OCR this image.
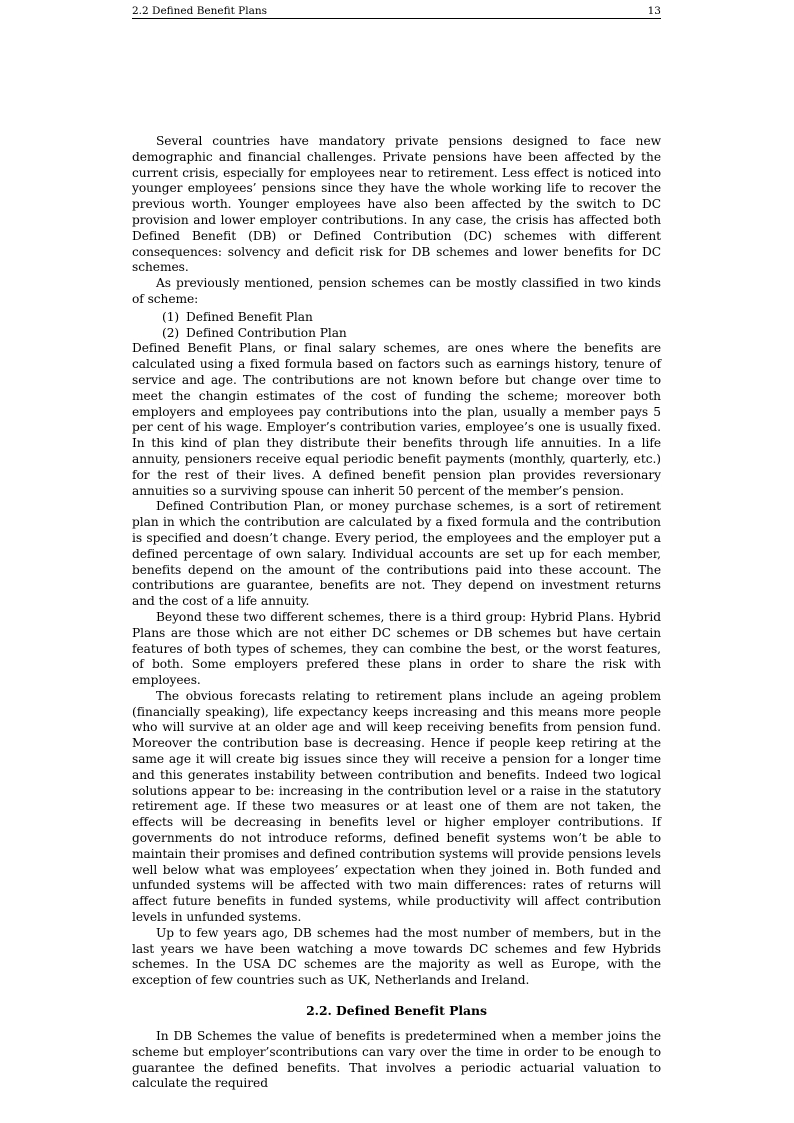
2.2 Defined Benefit Plans	13

Several countries have mandatory private pensions designed to face new demographic and financial challenges. Private pensions have been affected by the current crisis, especially for employees near to retirement. Less effect is noticed into younger employees’ pensions since they have the whole working life to recover the previous worth. Younger employees have also been affected by the switch to DC provision and lower employer contributions. In any case, the crisis has affected both Defined Benefit (DB) or Defined Contribution (DC) schemes with different consequences: solvency and deficit risk for DB schemes and lower benefits for DC schemes.

As previously mentioned, pension schemes can be mostly classified in two kinds of scheme:

(1) Defined Benefit Plan
(2) Defined Contribution Plan

Defined Benefit Plans, or final salary schemes, are ones where the benefits are calculated using a fixed formula based on factors such as earnings history, tenure of service and age. The contributions are not known before but change over time to meet the changin estimates of the cost of funding the scheme; moreover both employers and employees pay contributions into the plan, usually a member pays 5 per cent of his wage. Employer’s contribution varies, employee’s one is usually fixed. In this kind of plan they distribute their benefits through life annuities. In a life annuity, pensioners receive equal periodic benefit payments (monthly, quarterly, etc.) for the rest of their lives. A defined benefit pension plan provides reversionary annuities so a surviving spouse can inherit 50 percent of the member’s pension.

Defined Contribution Plan, or money purchase schemes, is a sort of retirement plan in which the contribution are calculated by a fixed formula and the contribution is specified and doesn’t change. Every period, the employees and the employer put a defined percentage of own salary. Individual accounts are set up for each member, benefits depend on the amount of the contributions paid into these account. The contributions are guarantee, benefits are not. They depend on investment returns and the cost of a life annuity.

Beyond these two different schemes, there is a third group: Hybrid Plans. Hybrid Plans are those which are not either DC schemes or DB schemes but have certain features of both types of schemes, they can combine the best, or the worst features, of both. Some employers prefered these plans in order to share the risk with employees.

The obvious forecasts relating to retirement plans include an ageing problem (financially speaking), life expectancy keeps increasing and this means more people who will survive at an older age and will keep receiving benefits from pension fund. Moreover the contribution base is decreasing. Hence if people keep retiring at the same age it will create big issues since they will receive a pension for a longer time and this generates instability between contribution and benefits. Indeed two logical solutions appear to be: increasing in the contribution level or a raise in the statutory retirement age. If these two measures or at least one of them are not taken, the effects will be decreasing in benefits level or higher employer contributions. If governments do not introduce reforms, defined benefit systems won’t be able to maintain their promises and defined contribution systems will provide pensions levels well below what was employees’ expectation when they joined in. Both funded and unfunded systems will be affected with two main differences: rates of returns will affect future benefits in funded systems, while productivity will affect contribution levels in unfunded systems.

Up to few years ago, DB schemes had the most number of members, but in the last years we have been watching a move towards DC schemes and few Hybrids schemes. In the USA DC schemes are the majority as well as Europe, with the exception of few countries such as UK, Netherlands and Ireland.

2.2. Defined Benefit Plans

In DB Schemes the value of benefits is predetermined when a member joins the scheme but employer’scontributions can vary over the time in order to be enough to guarantee the defined benefits. That involves a periodic actuarial valuation to calculate the required
